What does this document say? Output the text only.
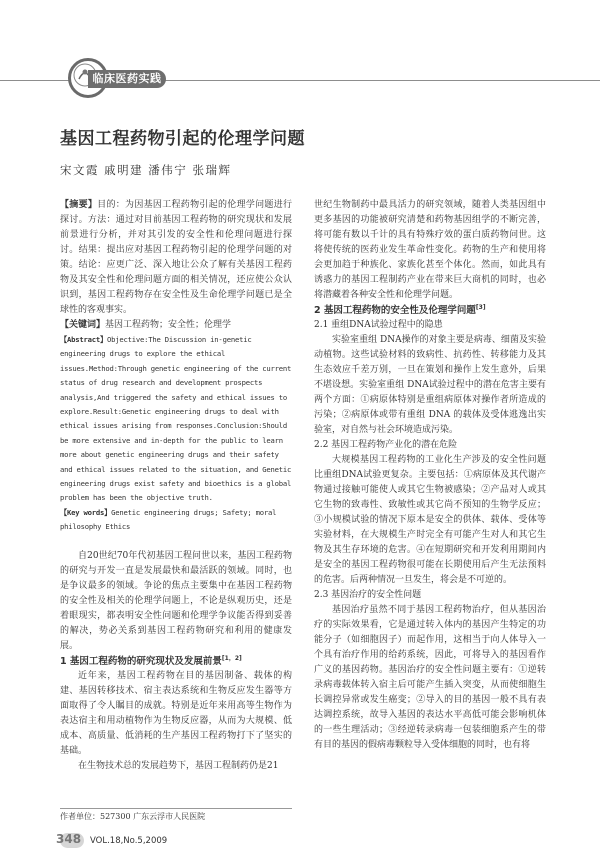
临床医药实践
基因工程药物引起的伦理学问题
宋文霞 戚明建 潘伟宁 张瑞辉

【摘要】目的：为因基因工程药物引起的伦理学问题进行探讨。方法：通过对目前基因工程药物的研究现状和发展前景进行分析，并对其引发的安全性和伦理问题进行探讨。结果：提出应对基因工程药物引起的伦理学问题的对策。结论：应更广泛、深入地让公众了解有关基因工程药物及其安全性和伦理问题方面的相关情况，还应使公众认识到，基因工程药物存在安全性及生命伦理学问题已是全球性的客观事实。

【关键词】基因工程药物；安全性；伦理学

【Abstract】Objective:The Discussion in-genetic engineering drugs to explore the ethical issues.Method:Through genetic engineering of the current status of drug research and development prospects analysis,And triggered the safety and ethical issues to explore.Result:Genetic engineering drugs to deal with ethical issues arising from responses.Conclusion:Should be more extensive and in-depth for the public to learn more about genetic engineering drugs and their safety and ethical issues related to the situation, and Genetic engineering drugs exist safety and bioethics is a global problem has been the objective truth.

【Key words】Genetic engineering drugs; Safety; moral philosophy Ethics

自20世纪70年代初基因工程问世以来，基因工程药物的研究与开发一直是发展最快和最活跃的领域。同时，也是争议最多的领域。争论的焦点主要集中在基因工程药物的安全性及相关的伦理学问题上，不论是纵观历史，还是着眼现实，都表明安全性问题和伦理学争议能否得到妥善的解决，势必关系到基因工程药物研究和利用的健康发展。

1 基因工程药物的研究现状及发展前景[1，2]

近年来，基因工程药物在目的基因制备、载体的构建、基因转移技术、宿主表达系统和生物反应发生器等方面取得了令人瞩目的成就。特别是近年来用高等生物作为表达宿主和用动植物作为生物反应器，从而为大规模、低成本、高质量、低消耗的生产基因工程药物打下了坚实的基础。

在生物技术总的发展趋势下，基因工程制药仍是21

作者单位：527300 广东云浮市人民医院

世纪生物制药中最具活力的研究领域，随着人类基因组中更多基因的功能被研究清楚和药物基因组学的不断完善，将可能有数以千计的具有特殊疗效的蛋白质药物问世。这将使传统的医药业发生革命性变化。药物的生产和使用将会更加趋于种族化、家族化甚至个体化。然而，如此具有诱惑力的基因工程制药产业在带来巨大商机的同时，也必将潜藏着各种安全性和伦理学问题。

2 基因工程药物的安全性及伦理学问题[3]

2.1 重组DNA试验过程中的隐患

实验室重组 DNA操作的对象主要是病毒、细菌及实验动植物。这些试验材料的致病性、抗药性、转移能力及其生态效应千差万别，一旦在策划和操作上发生意外，后果不堪设想。实验室重组 DNA试验过程中的潜在危害主要有两个方面：①病原体特别是重组病原体对操作者所造成的污染；②病原体或带有重组 DNA 的载体及受体逃逸出实验室，对自然与社会环境造成污染。

2.2 基因工程药物产业化的潜在危险

大规模基因工程药物的工业化生产涉及的安全性问题比重组DNA试验更复杂。主要包括：①病原体及其代谢产物通过接触可能使人或其它生物被感染；②产品对人或其它生物的致毒性、致敏性或其它尚不预知的生物学反应；③小规模试验的情况下原本是安全的供体、载体、受体等实验材料，在大规模生产时完全有可能产生对人和其它生物及其生存环境的危害。④在短期研究和开发利用期间内是安全的基因工程药物很可能在长期使用后产生无法预料的危害。后两种情况一旦发生，将会是不可逆的。

2.3 基因治疗的安全性问题

基因治疗虽然不同于基因工程药物治疗，但从基因治疗的实际效果看，它是通过转入体内的基因产生特定的功能分子（如细胞因子）而起作用，这相当于向人体导入一个具有治疗作用的给药系统，因此，可将导入的基因看作广义的基因药物。基因治疗的安全性问题主要有：①逆转录病毒载体转入宿主后可能产生插入突变，从而使细胞生长调控异常或发生癌变；②导入的目的基因一般不具有表达调控系统，故导入基因的表达水平高低可能会影响机体的一些生理活动；③经逆转录病毒一包装细胞系产生的带有目的基因的假病毒颗粒导入受体细胞的同时，也有将

348 VOL.18,No.5,2009
